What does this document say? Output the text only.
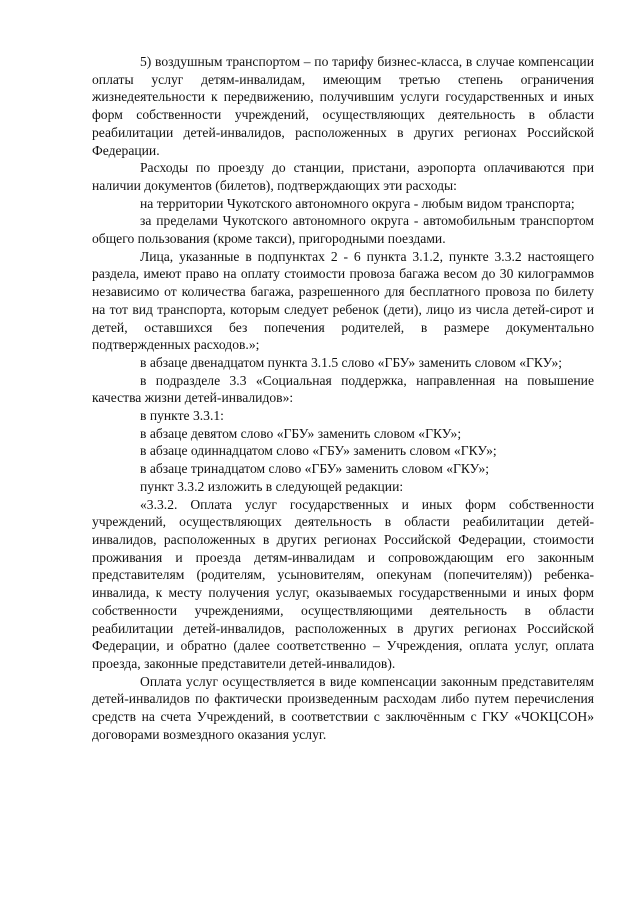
5) воздушным транспортом – по тарифу бизнес-класса, в случае компенсации оплаты услуг детям-инвалидам, имеющим третью степень ограничения жизнедеятельности к передвижению, получившим услуги государственных и иных форм собственности учреждений, осуществляющих деятельность в области реабилитации детей-инвалидов, расположенных в других регионах Российской Федерации.

Расходы по проезду до станции, пристани, аэропорта оплачиваются при наличии документов (билетов), подтверждающих эти расходы:

на территории Чукотского автономного округа - любым видом транспорта;

за пределами Чукотского автономного округа - автомобильным транспортом общего пользования (кроме такси), пригородными поездами.

Лица, указанные в подпунктах 2 - 6 пункта 3.1.2, пункте 3.3.2 настоящего раздела, имеют право на оплату стоимости провоза багажа весом до 30 килограммов независимо от количества багажа, разрешенного для бесплатного провоза по билету на тот вид транспорта, которым следует ребенок (дети), лицо из числа детей-сирот и детей, оставшихся без попечения родителей, в размере документально подтвержденных расходов.»;

в абзаце двенадцатом пункта 3.1.5 слово «ГБУ» заменить словом «ГКУ»;

в подразделе 3.3 «Социальная поддержка, направленная на повышение качества жизни детей-инвалидов»:

в пункте 3.3.1:

в абзаце девятом слово «ГБУ» заменить словом «ГКУ»;

в абзаце одиннадцатом слово «ГБУ» заменить словом «ГКУ»;

в абзаце тринадцатом слово «ГБУ» заменить словом «ГКУ»;

пункт 3.3.2 изложить в следующей редакции:

«3.3.2. Оплата услуг государственных и иных форм собственности учреждений, осуществляющих деятельность в области реабилитации детей-инвалидов, расположенных в других регионах Российской Федерации, стоимости проживания и проезда детям-инвалидам и сопровождающим его законным представителям (родителям, усыновителям, опекунам (попечителям)) ребенка-инвалида, к месту получения услуг, оказываемых государственными и иных форм собственности учреждениями, осуществляющими деятельность в области реабилитации детей-инвалидов, расположенных в других регионах Российской Федерации, и обратно (далее соответственно – Учреждения, оплата услуг, оплата проезда, законные представители детей-инвалидов).

Оплата услуг осуществляется в виде компенсации законным представителям детей-инвалидов по фактически произведенным расходам либо путем перечисления средств на счета Учреждений, в соответствии с заключённым с ГКУ «ЧОКЦСОН» договорами возмездного оказания услуг.
